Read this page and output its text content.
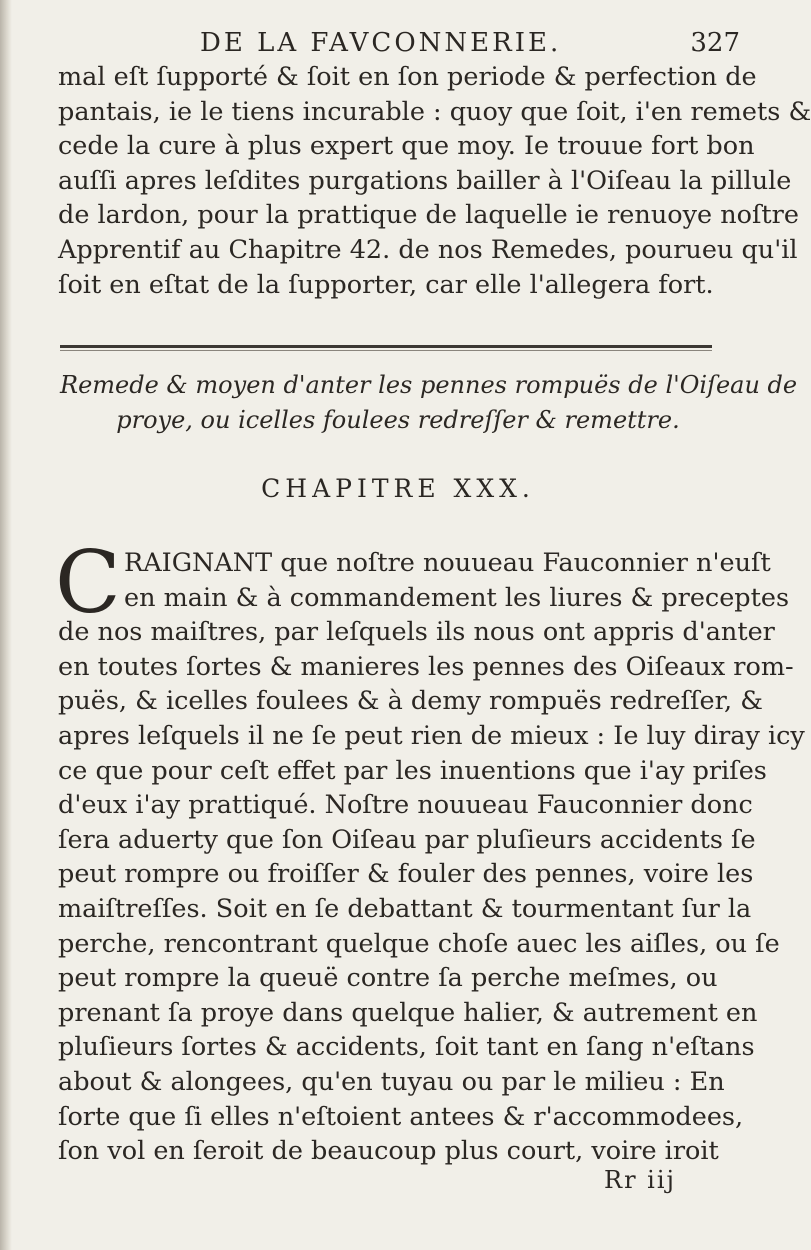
DE LA FAVCONNERIE.	327
mal eſt ſupporté & ſoit en ſon periode & perfection de
pantais, ie le tiens incurable : quoy que ſoit, i'en remets &
cede la cure à plus expert que moy. Ie trouue fort bon
auſſi apres leſdites purgations bailler à l'Oiſeau la pillule
de lardon, pour la prattique de laquelle ie renuoye noſtre
Apprentif au Chapitre 42. de nos Remedes, pourueu qu'il
ſoit en eſtat de la ſupporter, car elle l'allegera fort.
Remede & moyen d'anter les pennes rompuës de l'Oiſeau de
proye, ou icelles foulees redreſſer & remettre.
CHAPITRE XXX.
C RAIGNANT que noſtre nouueau Fauconnier n'euſt
en main & à commandement les liures & preceptes
de nos maiſtres, par leſquels ils nous ont appris d'anter
en toutes ſortes & manieres les pennes des Oiſeaux rom-
puës, & icelles foulees & à demy rompuës redreſſer, &
apres leſquels il ne ſe peut rien de mieux : Ie luy diray icy
ce que pour ceſt effet par les inuentions que i'ay priſes
d'eux i'ay prattiqué. Noſtre nouueau Fauconnier donc
ſera aduerty que ſon Oiſeau par pluſieurs accidents ſe
peut rompre ou froiſſer & fouler des pennes, voire les
maiſtreſſes. Soit en ſe debattant & tourmentant ſur la
perche, rencontrant quelque choſe auec les aiſles, ou ſe
peut rompre la queuë contre ſa perche meſmes, ou
prenant ſa proye dans quelque halier, & autrement en
pluſieurs ſortes & accidents, ſoit tant en ſang n'eſtans
about & alongees, qu'en tuyau ou par le milieu : En
ſorte que ſi elles n'eſtoient antees & r'accommodees,
ſon vol en ſeroit de beaucoup plus court, voire iroit
Rr iij
